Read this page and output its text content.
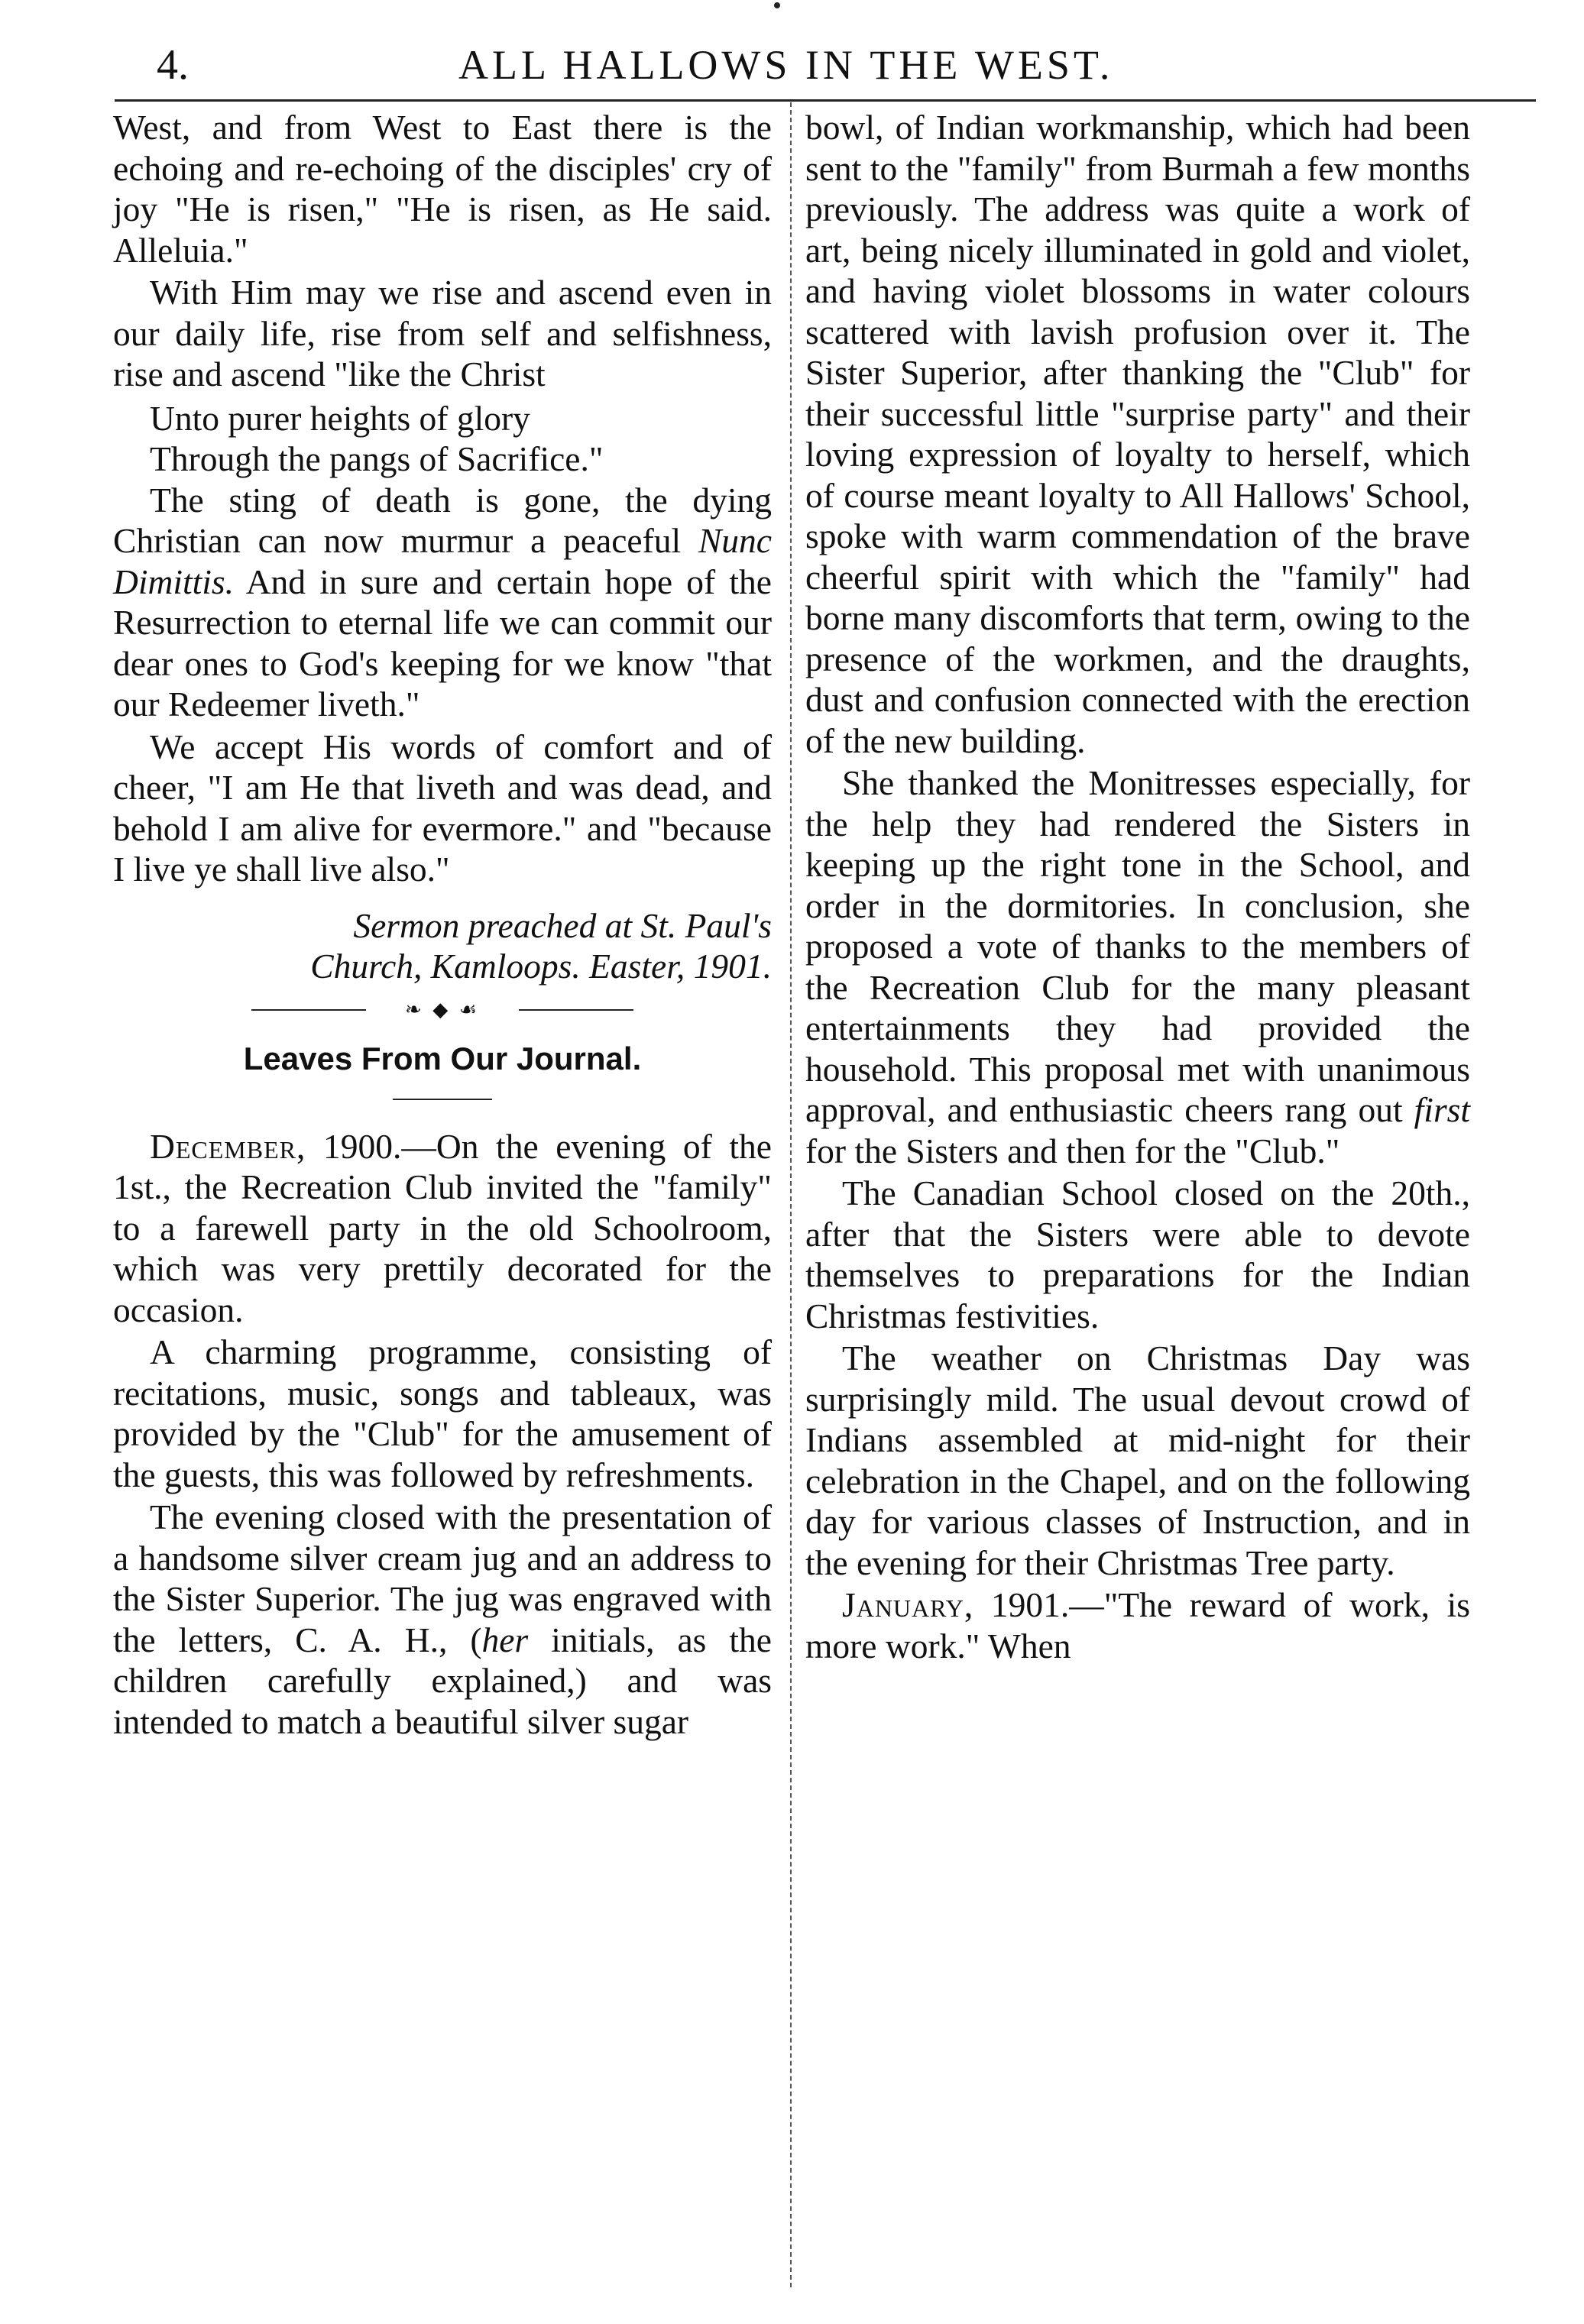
4.	ALL HALLOWS IN THE WEST.

West, and from West to East there is the echoing and re-echoing of the disciples' cry of joy "He is risen," "He is risen, as He said. Alleluia."

With Him may we rise and ascend even in our daily life, rise from self and selfishness, rise and ascend "like the Christ

Unto purer heights of glory
Through the pangs of Sacrifice."

The sting of death is gone, the dying Christian can now murmur a peaceful Nunc Dimittis. And in sure and certain hope of the Resurrection to eternal life we can commit our dear ones to God's keeping for we know "that our Redeemer liveth."

We accept His words of comfort and of cheer, "I am He that liveth and was dead, and behold I am alive for evermore." and "because I live ye shall live also."

Sermon preached at St. Paul's
Church, Kamloops. Easter, 1901.
❧ ◆ ☙
Leaves From Our Journal.

December, 1900.—On the evening of the 1st., the Recreation Club invited the "family" to a farewell party in the old Schoolroom, which was very prettily decorated for the occasion.

A charming programme, consisting of recitations, music, songs and tableaux, was provided by the "Club" for the amusement of the guests, this was followed by refreshments.

The evening closed with the presentation of a handsome silver cream jug and an address to the Sister Superior. The jug was engraved with the letters, C. A. H., (her initials, as the children carefully explained,) and was intended to match a beautiful silver sugar

bowl, of Indian workmanship, which had been sent to the "family" from Burmah a few months previously. The address was quite a work of art, being nicely illuminated in gold and violet, and having violet blossoms in water colours scattered with lavish profusion over it. The Sister Superior, after thanking the "Club" for their successful little "surprise party" and their loving expression of loyalty to herself, which of course meant loyalty to All Hallows' School, spoke with warm commendation of the brave cheerful spirit with which the "family" had borne many discomforts that term, owing to the presence of the workmen, and the draughts, dust and confusion connected with the erection of the new building.

She thanked the Monitresses especially, for the help they had rendered the Sisters in keeping up the right tone in the School, and order in the dormitories. In conclusion, she proposed a vote of thanks to the members of the Recreation Club for the many pleasant entertainments they had provided the household. This proposal met with unanimous approval, and enthusiastic cheers rang out first for the Sisters and then for the "Club."

The Canadian School closed on the 20th., after that the Sisters were able to devote themselves to preparations for the Indian Christmas festivities.

The weather on Christmas Day was surprisingly mild. The usual devout crowd of Indians assembled at mid-night for their celebration in the Chapel, and on the following day for various classes of Instruction, and in the evening for their Christmas Tree party.

January, 1901.—"The reward of work, is more work." When
